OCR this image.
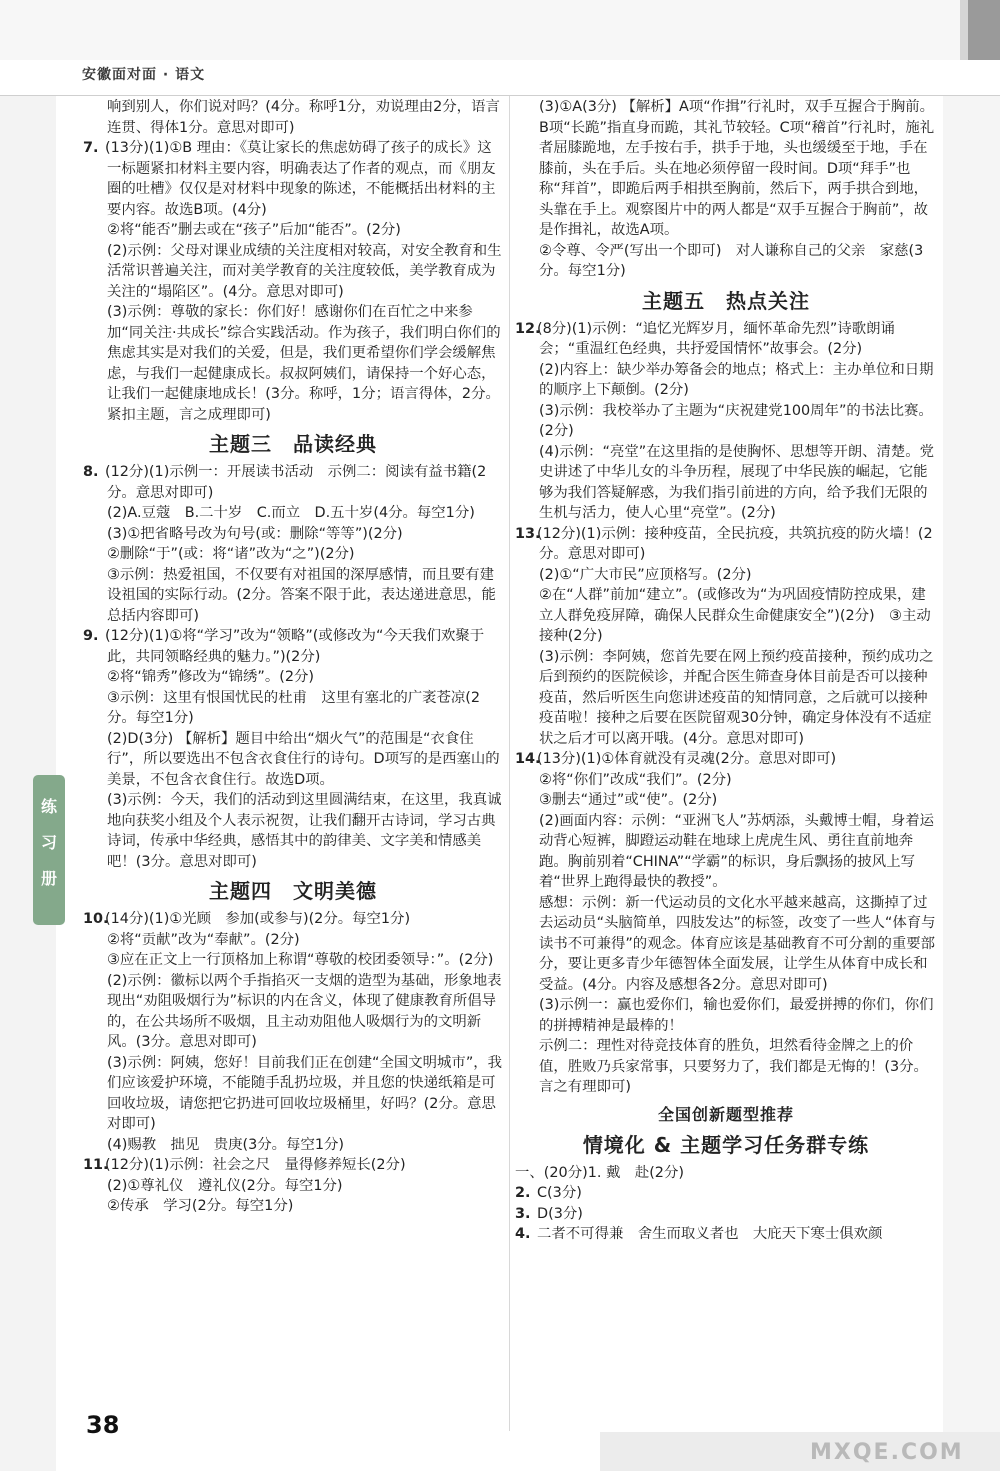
安徽面对面 · 语文
练
习
册
响到别人，你们说对吗？(4分。称呼1分，劝说理由2分，语言连贯、得体1分。意思对即可)
7. (13分)(1)①B 理由：《莫让家长的焦虑妨碍了孩子的成长》这一标题紧扣材料主要内容，明确表达了作者的观点，而《朋友圈的吐槽》仅仅是对材料中现象的陈述，不能概括出材料的主要内容。故选B项。(4分)
②将“能否”删去或在“孩子”后加“能否”。(2分)
(2)示例：父母对课业成绩的关注度相对较高，对安全教育和生活常识普遍关注，而对美学教育的关注度较低，美学教育成为关注的“塌陷区”。(4分。意思对即可)
(3)示例：尊敬的家长：你们好！感谢你们在百忙之中来参加“同关注·共成长”综合实践活动。作为孩子，我们明白你们的焦虑其实是对我们的关爱，但是，我们更希望你们学会缓解焦虑，与我们一起健康成长。叔叔阿姨们，请保持一个好心态，让我们一起健康地成长！(3分。称呼，1分；语言得体，2分。紧扣主题，言之成理即可)
主题三　品读经典
8. (12分)(1)示例一：开展读书活动　示例二：阅读有益书籍(2分。意思对即可)
(2)A.豆蔻　B.二十岁　C.而立　D.五十岁(4分。每空1分)
(3)①把省略号改为句号(或：删除“等等”)(2分)
②删除“于”(或：将“诸”改为“之”)(2分)
③示例：热爱祖国，不仅要有对祖国的深厚感情，而且要有建设祖国的实际行动。(2分。答案不限于此，表达递进意思，能总括内容即可)
9. (12分)(1)①将“学习”改为“领略”(或修改为“今天我们欢聚于此，共同领略经典的魅力。”)(2分)
②将“锦秀”修改为“锦绣”。(2分)
③示例：这里有恨国忧民的杜甫　这里有塞北的广袤苍凉(2分。每空1分)
(2)D(3分) 【解析】题目中给出“烟火气”的范围是“衣食住行”，所以要选出不包含衣食住行的诗句。D项写的是西塞山的美景，不包含衣食住行。故选D项。
(3)示例：今天，我们的活动到这里圆满结束，在这里，我真诚地向获奖小组及个人表示祝贺，让我们翻开古诗词，学习古典诗词，传承中华经典，感悟其中的韵律美、文字美和情感美吧！(3分。意思对即可)
主题四　文明美德
10.(14分)(1)①光顾　参加(或参与)(2分。每空1分)
②将“贡献”改为“奉献”。(2分)
③应在正文上一行顶格加上称谓“尊敬的校团委领导：”。(2分)
(2)示例：徽标以两个手指掐灭一支烟的造型为基础，形象地表现出“劝阻吸烟行为”标识的内在含义，体现了健康教育所倡导的，在公共场所不吸烟，且主动劝阻他人吸烟行为的文明新风。(3分。意思对即可)
(3)示例：阿姨，您好！目前我们正在创建“全国文明城市”，我们应该爱护环境，不能随手乱扔垃圾，并且您的快递纸箱是可回收垃圾，请您把它扔进可回收垃圾桶里，好吗？(2分。意思对即可)
(4)赐教　拙见　贵庚(3分。每空1分)
11.(12分)(1)示例：社会之尺　量得修养短长(2分)
(2)①尊礼仪　遵礼仪(2分。每空1分)
②传承　学习(2分。每空1分)
(3)①A(3分) 【解析】A项“作揖”行礼时，双手互握合于胸前。B项“长跪”指直身而跪，其礼节较轻。C项“稽首”行礼时，施礼者屈膝跪地，左手按右手，拱手于地，头也缓缓至于地，手在膝前，头在手后。头在地必须停留一段时间。D项“拜手”也称“拜首”，即跪后两手相拱至胸前，然后下，两手拱合到地，头靠在手上。观察图片中的两人都是“双手互握合于胸前”，故是作揖礼，故选A项。
②令尊、令严(写出一个即可)　对人谦称自己的父亲　家慈(3分。每空1分)
主题五　热点关注
12.(8分)(1)示例：“追忆光辉岁月，缅怀革命先烈”诗歌朗诵会；“重温红色经典，共抒爱国情怀”故事会。(2分)
(2)内容上：缺少举办筹备会的地点；格式上：主办单位和日期的顺序上下颠倒。(2分)
(3)示例：我校举办了主题为“庆祝建党100周年”的书法比赛。(2分)
(4)示例：“亮堂”在这里指的是使胸怀、思想等开朗、清楚。党史讲述了中华儿女的斗争历程，展现了中华民族的崛起，它能够为我们答疑解惑，为我们指引前进的方向，给予我们无限的生机与活力，使人心里“亮堂”。(2分)
13.(12分)(1)示例：接种疫苗，全民抗疫，共筑抗疫的防火墙！(2分。意思对即可)
(2)①“广大市民”应顶格写。(2分)
②在“人群”前加“建立”。(或修改为“为巩固疫情防控成果，建立人群免疫屏障，确保人民群众生命健康安全”)(2分)　③主动接种(2分)
(3)示例：李阿姨，您首先要在网上预约疫苗接种，预约成功之后到预约的医院候诊，并配合医生筛查身体目前是否可以接种疫苗，然后听医生向您讲述疫苗的知情同意，之后就可以接种疫苗啦！接种之后要在医院留观30分钟，确定身体没有不适症状之后才可以离开哦。(4分。意思对即可)
14.(13分)(1)①体育就没有灵魂(2分。意思对即可)
②将“你们”改成“我们”。(2分)
③删去“通过”或“使”。(2分)
(2)画面内容：示例：“亚洲飞人”苏炳添，头戴博士帽，身着运动背心短裤，脚蹬运动鞋在地球上虎虎生风、勇往直前地奔跑。胸前别着“CHINA”“学霸”的标识，身后飘扬的披风上写着“世界上跑得最快的教授”。
感想：示例：新一代运动员的文化水平越来越高，这撕掉了过去运动员“头脑简单，四肢发达”的标签，改变了一些人“体育与读书不可兼得”的观念。体育应该是基础教育不可分割的重要部分，要让更多青少年德智体全面发展，让学生从体育中成长和受益。(4分。内容及感想各2分。意思对即可)
(3)示例一：赢也爱你们，输也爱你们，最爱拼搏的你们，你们的拼搏精神是最棒的！
示例二：理性对待竞技体育的胜负，坦然看待金牌之上的价值，胜败乃兵家常事，只要努力了，我们都是无悔的！(3分。言之有理即可)
全国创新题型推荐
情境化 & 主题学习任务群专练
一、(20分)1. 戴　赴(2分)
2. C(3分)
3. D(3分)
4. 二者不可得兼　舍生而取义者也　大庇天下寒士俱欢颜
MXQE.COM
38
